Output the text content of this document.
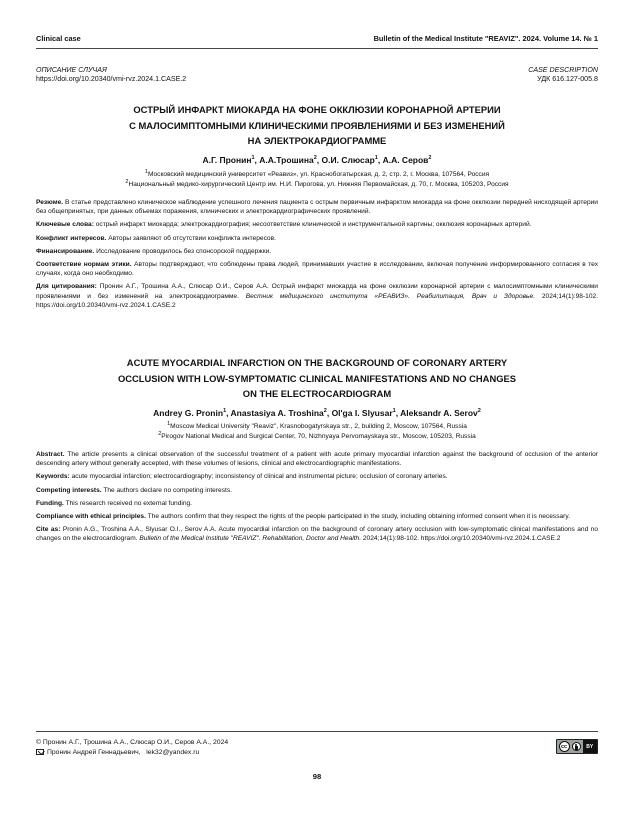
Clinical case	Bulletin of the Medical Institute "REAVIZ". 2024. Volume 14. № 1
ОПИСАНИЕ СЛУЧАЯ
https://doi.org/10.20340/vmi-rvz.2024.1.CASE.2
CASE DESCRIPTION
УДК 616.127-005.8
ОСТРЫЙ ИНФАРКТ МИОКАРДА НА ФОНЕ ОККЛЮЗИИ КОРОНАРНОЙ АРТЕРИИ
С МАЛОСИМПТОМНЫМИ КЛИНИЧЕСКИМИ ПРОЯВЛЕНИЯМИ И БЕЗ ИЗМЕНЕНИЙ
НА ЭЛЕКТРОКАРДИОГРАММЕ
А.Г. Пронин$^1$, А.А.Трошина$^2$, О.И. Слюсар$^1$, А.А. Серов$^2$
$^1$Московский медицинский университет «Реавиз», ул. Краснобогатырская, д. 2, стр. 2, г. Москва, 107564, Россия
$^2$Национальный медико-хирургический Центр им. Н.И. Пирогова, ул. Нижняя Первомайская, д. 70, г. Москва, 105203, Россия

Резюме. В статье представлено клиническое наблюдение успешного лечения пациента с острым первичным инфарктом миокарда на фоне окклюзии передней нисходящей артерии без общепринятых, при данных объемах поражения, клинических и электрокардиографических проявлений.

Ключевые слова: острый инфаркт миокарда; электрокардиография; несоответствие клинической и инструментальной картины; окклюзия коронарных артерий.

Конфликт интересов. Авторы заявляют об отсутствии конфликта интересов.

Финансирование. Исследование проводилось без спонсорской поддержки.

Соответствие нормам этики. Авторы подтверждают, что соблюдены права людей, принимавших участие в исследовании, включая получение информированного согласия в тех случаях, когда оно необходимо.

Для цитирования: Пронин А.Г., Трошина А.А., Слюсар О.И., Серов А.А. Острый инфаркт миокарда на фоне окклюзии коронарной артерии с малосимптомными клиническими проявлениями и без изменений на электрокардиограмме. Вестник медицинского института «РЕАВИЗ». Реабилитация, Врач и Здоровье. 2024;14(1):98-102. https://doi.org/10.20340/vmi-rvz.2024.1.CASE.2

ACUTE MYOCARDIAL INFARCTION ON THE BACKGROUND OF CORONARY ARTERY
OCCLUSION WITH LOW-SYMPTOMATIC CLINICAL MANIFESTATIONS AND NO CHANGES
ON THE ELECTROCARDIOGRAM
Andrey G. Pronin$^1$, Anastasiya A. Troshina$^2$, Ol'ga I. Slyusar$^1$, Aleksandr A. Serov$^2$
$^1$Moscow Medical University "Reaviz", Krasnobogatyrskaya str., 2, building 2, Moscow, 107564, Russia
$^2$Pirogov National Medical and Surgical Center, 70, Nizhnyaya Pervomayskaya str., Moscow, 105203, Russia

Abstract. The article presents a clinical observation of the successful treatment of a patient with acute primary myocardial infarction against the background of occlusion of the anterior descending artery without generally accepted, with these volumes of lesions, clinical and electrocardiographic manifestations.

Keywords: acute myocardial infarction; electrocardiography; inconsistency of clinical and instrumental picture; occlusion of coronary arteries.

Competing interests. The authors declare no competing interests.

Funding. This research received no external funding.

Compliance with ethical principles. The authors confirm that they respect the rights of the people participated in the study, including obtaining informed consent when it is necessary.

Cite as: Pronin A.G., Troshina A.A., Slyusar O.I., Serov A.A. Acute myocardial infarction on the background of coronary artery occlusion with low-symptomatic clinical manifestations and no changes on the electrocardiogram. Bulletin of the Medical Institute "REAVIZ". Rehabilitation, Doctor and Health. 2024;14(1):98-102. https://doi.org/10.20340/vmi-rvz.2024.1.CASE.2

© Пронин А.Г., Трошина А.А., Слюсар О.И., Серов А.А., 2024
Пронин Андрей Геннадьевич, lek32@yandex.ru
cc	BY
98
